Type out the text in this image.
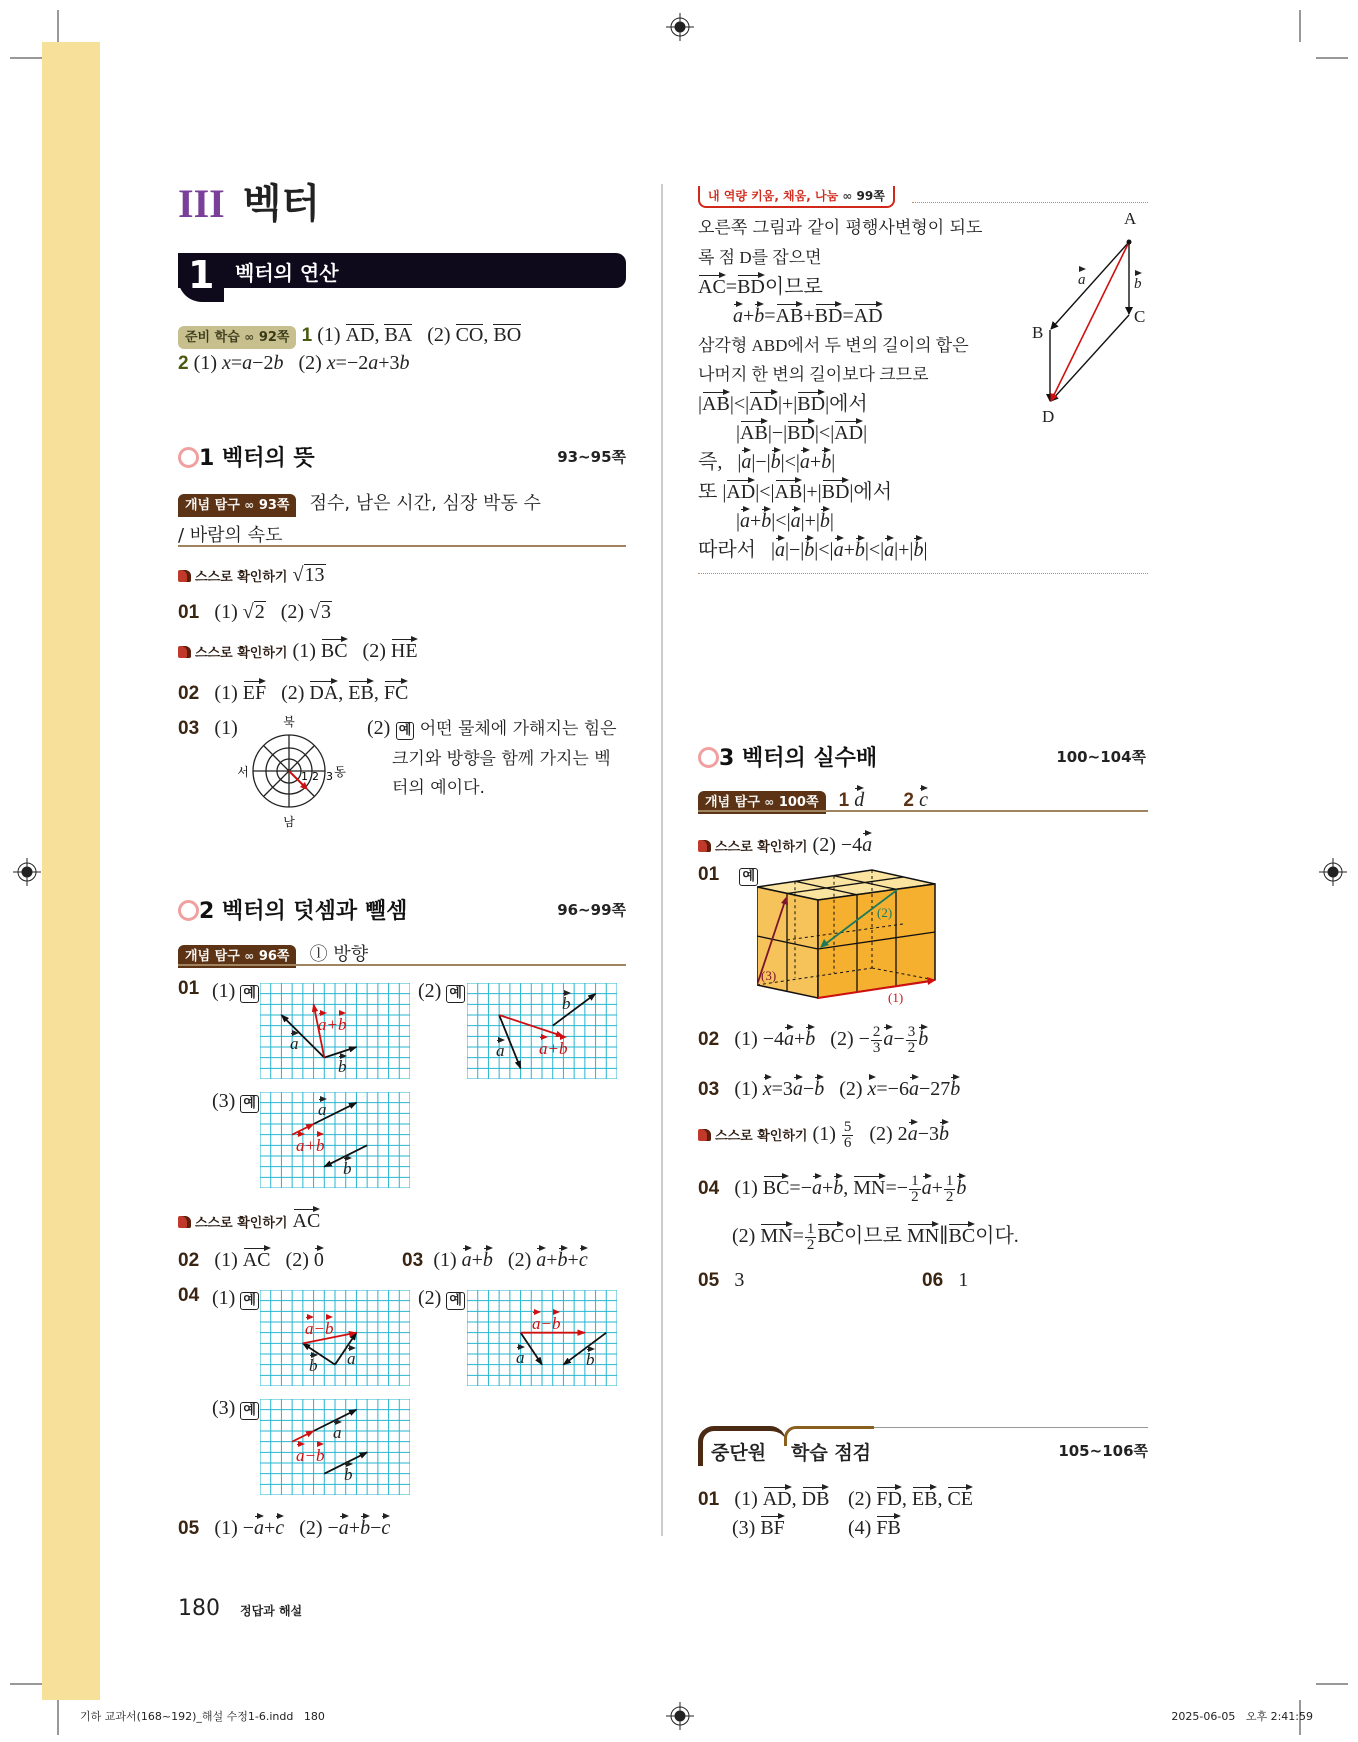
III 벡터
1 벡터의 연산
준비 학습 ∞ 92쪽 1 (1) AD, BA   (2) CO, BO
2 (1) x=a−2b   (2) x=−2a+3b
1 벡터의 뜻	93~95쪽
개념 탐구 ∞ 93쪽 점수, 남은 시간, 심장 박동 수
/ 바람의 속도
스스로 확인하기 √13
01 (1) √2   (2) √3
스스로 확인하기 (1) BC   (2) HE
02 (1) EF   (2) DA, EB, FC
03 (1)	북
남
서	동
1 2 3
(2) 예 어떤 물체에 가해지는 힘은
크기와 방향을 함께 가지는 벡
터의 예이다.
2 벡터의 덧셈과 뺄셈	96~99쪽
개념 탐구 ∞ 96쪽 ⓛ 방향
01 (1) 예	(2) 예
(3) 예
a
b
a+b
b
a a+b
a
a+b
b
스스로 확인하기 AC
02 (1) AC   (2) 0	03 (1) a+b   (2) a+b+c
04 (1) 예	(2) 예
(3) 예
a−b
b a
a−b
a	b
a
a−b
b
05 (1) −a+c   (2) −a+b−c
내 역량 키움, 채움, 나눔 ∞ 99쪽
오른쪽 그림과 같이 평행사변형이 되도
록 점 D를 잡으면
AC=BD이므로
a+b=AB+BD=AD
삼각형 ABD에서 두 변의 길이의 합은
나머지 한 변의 길이보다 크므로
|AB|<|AD|+|BD|에서
|AB|−|BD|<|AD|
즉,   |a|−|b|<|a+b|
또 |AD|<|AB|+|BD|에서
|a+b|<|a|+|b|
따라서   |a|−|b|<|a+b|<|a|+|b|
A
B
C
D
a	b
3 벡터의 실수배	100~104쪽
개념 탐구 ∞ 100쪽 1 d 2 c
스스로 확인하기 (2) −4a
01 예
(1)
(2)
(3)
02 (1) −4a+b   $(2) - \frac{2}{3} a- \frac{3}{2}$ b
03 (1) x=3a−b   (2) x=−6a−27b
스스로 확인하기 $(1) \frac{5}{6} (2)$ 2a−3b
04 (1) BC=−a+b, $MN=- \frac{1}{2} a+ \frac{1}{2}$ b
(2) $MN= \frac{1}{2}$ BC이므로 MN∥BC이다.
05 3	06 1
중단원 학습 점검	105~106쪽
01 (1) AD, DB (2) FD, EB, CE
(3) BF	(4) FB
180 정답과 해설
기하 교과서(168~192)_해설 수정1-6.indd   180	2025-06-05   오후 2:41:59
